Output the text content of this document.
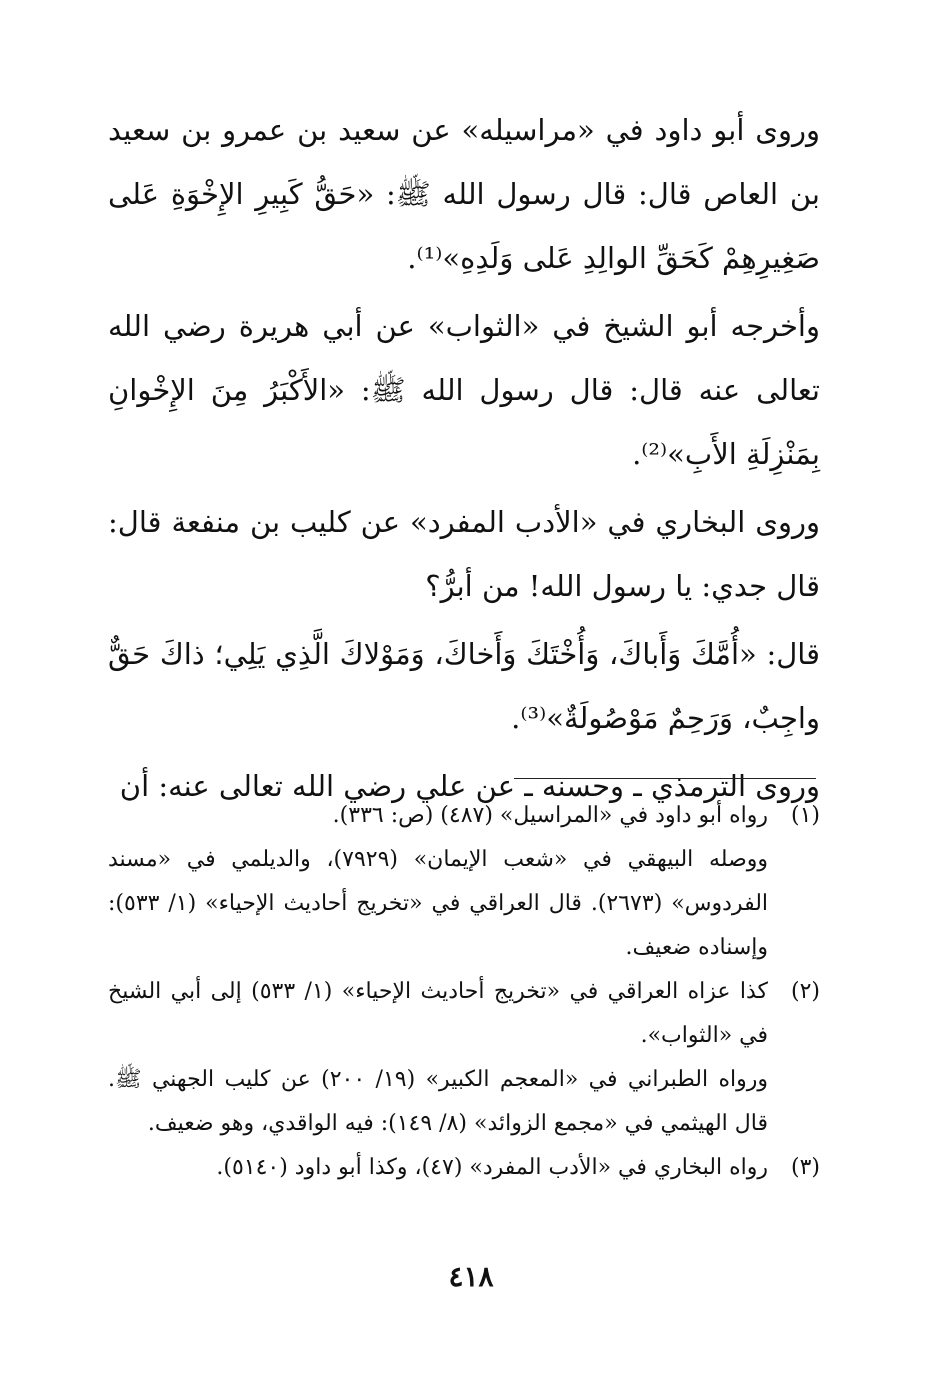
وروى أبو داود في «مراسيله» عن سعيد بن عمرو بن سعيد بن العاص قال: قال رسول الله ﷺ: «حَقُّ كَبِيرِ الإِخْوَةِ عَلى صَغِيرِهِمْ كَحَقِّ الوالِدِ عَلى وَلَدِهِ»⁽¹⁾.

وأخرجه أبو الشيخ في «الثواب» عن أبي هريرة رضي الله تعالى عنه قال: قال رسول الله ﷺ: «الأَكْبَرُ مِنَ الإِخْوانِ بِمَنْزِلَةِ الأَبِ»⁽²⁾.

وروى البخاري في «الأدب المفرد» عن كليب بن منفعة قال: قال جدي: يا رسول الله! من أبرُّ؟

قال: «أُمَّكَ وَأَباكَ، وَأُخْتَكَ وَأَخاكَ، وَمَوْلاكَ الَّذِي يَلِي؛ ذاكَ حَقٌّ واجِبٌ، وَرَحِمٌ مَوْصُولَةٌ»⁽³⁾.

وروى الترمذي ـ وحسنه ـ عن علي رضي الله تعالى عنه: أن

(١)

رواه أبو داود في «المراسيل» (٤٨٧) (ص: ٣٣٦).

ووصله البيهقي في «شعب الإيمان» (٧٩٢٩)، والديلمي في «مسند الفردوس» (٢٦٧٣). قال العراقي في «تخريج أحاديث الإحياء» (١/ ٥٣٣): وإسناده ضعيف.

(٢)

كذا عزاه العراقي في «تخريج أحاديث الإحياء» (١/ ٥٣٣) إلى أبي الشيخ في «الثواب».

ورواه الطبراني في «المعجم الكبير» (١٩/ ٢٠٠) عن كليب الجهني ﷺ. قال الهيثمي في «مجمع الزوائد» (٨/ ١٤٩): فيه الواقدي، وهو ضعيف.

(٣)

رواه البخاري في «الأدب المفرد» (٤٧)، وكذا أبو داود (٥١٤٠).

٤١٨
